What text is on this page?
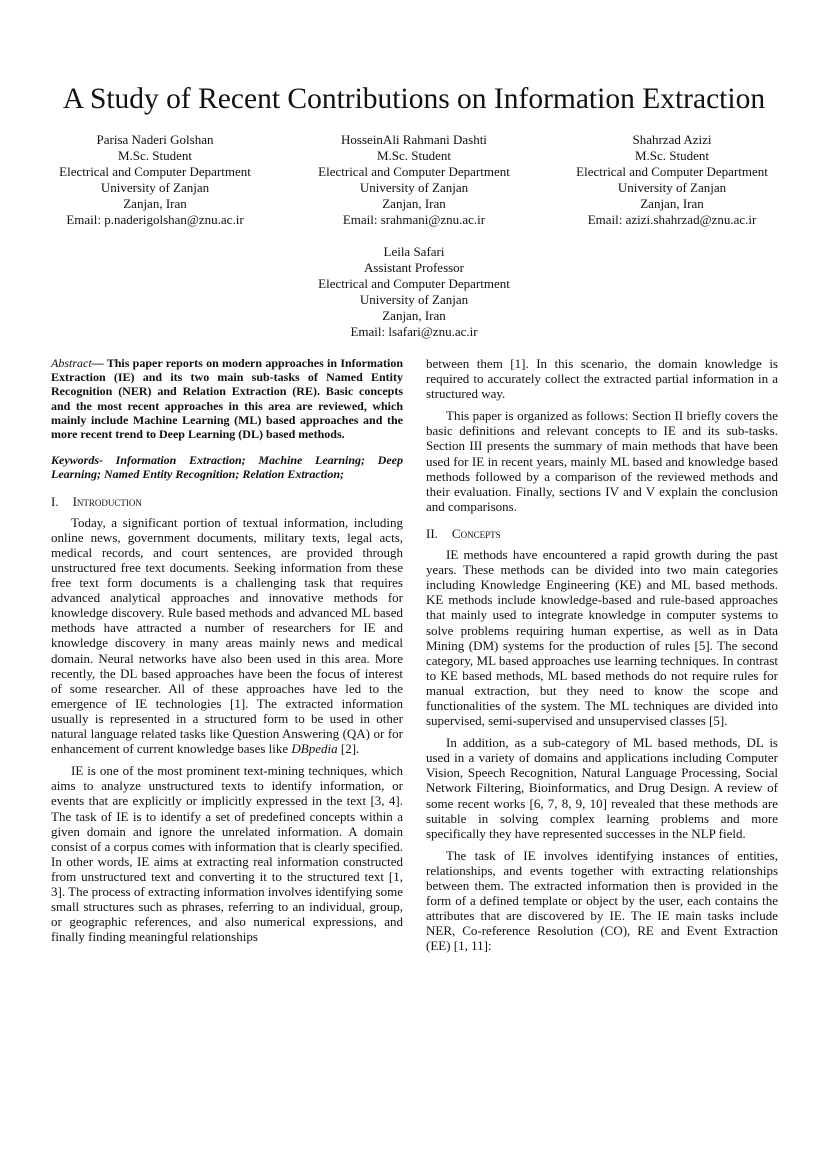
A Study of Recent Contributions on Information Extraction
Parisa Naderi Golshan
M.Sc. Student
Electrical and Computer Department
University of Zanjan
Zanjan, Iran
Email: p.naderigolshan@znu.ac.ir
HosseinAli Rahmani Dashti
M.Sc. Student
Electrical and Computer Department
University of Zanjan
Zanjan, Iran
Email: srahmani@znu.ac.ir
Shahrzad Azizi
M.Sc. Student
Electrical and Computer Department
University of Zanjan
Zanjan, Iran
Email: azizi.shahrzad@znu.ac.ir
Leila Safari
Assistant Professor
Electrical and Computer Department
University of Zanjan
Zanjan, Iran
Email: lsafari@znu.ac.ir

Abstract— This paper reports on modern approaches in Information Extraction (IE) and its two main sub-tasks of Named Entity Recognition (NER) and Relation Extraction (RE). Basic concepts and the most recent approaches in this area are reviewed, which mainly include Machine Learning (ML) based approaches and the more recent trend to Deep Learning (DL) based methods.

Keywords- Information Extraction; Machine Learning; Deep Learning; Named Entity Recognition; Relation Extraction;

I. Introduction

Today, a significant portion of textual information, including online news, government documents, military texts, legal acts, medical records, and court sentences, are provided through unstructured free text documents. Seeking information from these free text form documents is a challenging task that requires advanced analytical approaches and innovative methods for knowledge discovery. Rule based methods and advanced ML based methods have attracted a number of researchers for IE and knowledge discovery in many areas mainly news and medical domain. Neural networks have also been used in this area. More recently, the DL based approaches have been the focus of interest of some researcher. All of these approaches have led to the emergence of IE technologies [1]. The extracted information usually is represented in a structured form to be used in other natural language related tasks like Question Answering (QA) or for enhancement of current knowledge bases like DBpedia [2].

IE is one of the most prominent text-mining techniques, which aims to analyze unstructured texts to identify information, or events that are explicitly or implicitly expressed in the text [3, 4]. The task of IE is to identify a set of predefined concepts within a given domain and ignore the unrelated information. A domain consist of a corpus comes with information that is clearly specified. In other words, IE aims at extracting real information constructed from unstructured text and converting it to the structured text [1, 3]. The process of extracting information involves identifying some small structures such as phrases, referring to an individual, group, or geographic references, and also numerical expressions, and finally finding meaningful relationships

between them [1]. In this scenario, the domain knowledge is required to accurately collect the extracted partial information in a structured way.

This paper is organized as follows: Section II briefly covers the basic definitions and relevant concepts to IE and its sub-tasks. Section III presents the summary of main methods that have been used for IE in recent years, mainly ML based and knowledge based methods followed by a comparison of the reviewed methods and their evaluation. Finally, sections IV and V explain the conclusion and comparisons.

II. Concepts

IE methods have encountered a rapid growth during the past years. These methods can be divided into two main categories including Knowledge Engineering (KE) and ML based methods. KE methods include knowledge-based and rule-based approaches that mainly used to integrate knowledge in computer systems to solve problems requiring human expertise, as well as in Data Mining (DM) systems for the production of rules [5]. The second category, ML based approaches use learning techniques. In contrast to KE based methods, ML based methods do not require rules for manual extraction, but they need to know the scope and functionalities of the system. The ML techniques are divided into supervised, semi-supervised and unsupervised classes [5].

In addition, as a sub-category of ML based methods, DL is used in a variety of domains and applications including Computer Vision, Speech Recognition, Natural Language Processing, Social Network Filtering, Bioinformatics, and Drug Design. A review of some recent works [6, 7, 8, 9, 10] revealed that these methods are suitable in solving complex learning problems and more specifically they have represented successes in the NLP field.

The task of IE involves identifying instances of entities, relationships, and events together with extracting relationships between them. The extracted information then is provided in the form of a defined template or object by the user, each contains the attributes that are discovered by IE. The IE main tasks include NER, Co-reference Resolution (CO), RE and Event Extraction (EE) [1, 11]:
